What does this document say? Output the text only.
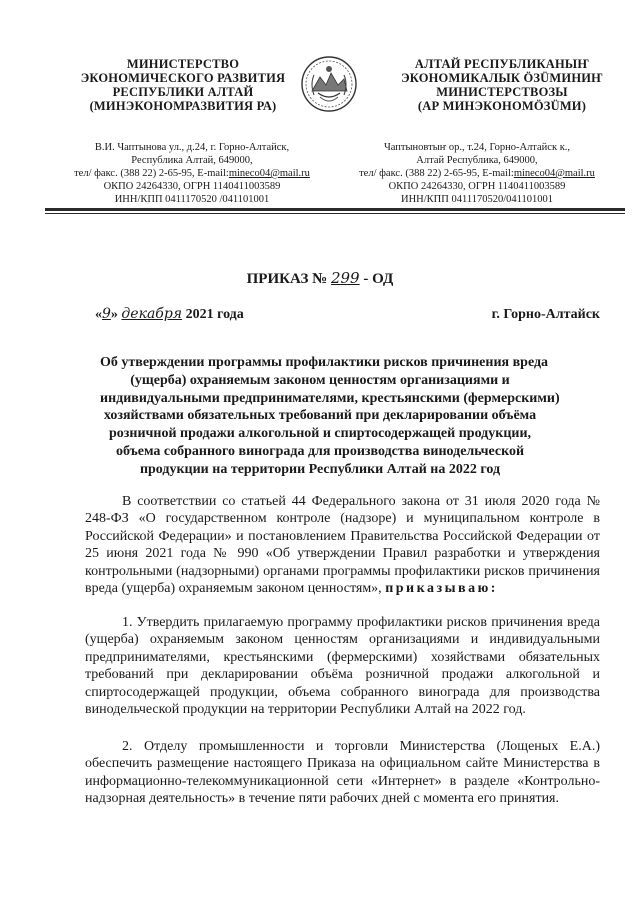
МИНИСТЕРСТВО
ЭКОНОМИЧЕСКОГО РАЗВИТИЯ
РЕСПУБЛИКИ АЛТАЙ
(МИНЭКОНОМРАЗВИТИЯ РА)
АЛТАЙ РЕСПУБЛИКАНЫҤ
ЭКОНОМИКАЛЫК ÖЗÜМИНИҤ
МИНИСТЕРСТВОЗЫ
(АР МИНЭКОНОМÖЗÜМИ)
В.И. Чаптынова ул., д.24, г. Горно-Алтайск,
Республика Алтай, 649000,
тел/ факс. (388 22) 2-65-95, E-mail:mineco04@mail.ru
ОКПО 24264330, ОГРН 1140411003589
ИНН/КПП 0411170520 /041101001
Чаптыновтыҥ ор., т.24, Горно-Алтайск к.,
Алтай Республика, 649000,
тел/ факс. (388 22) 2-65-95, E-mail:mineco04@mail.ru
ОКПО 24264330, ОГРН 1140411003589
ИНН/КПП 0411170520/041101001
ПРИКАЗ № 299 - ОД
«9» декабря 2021 года	г. Горно-Алтайск
Об утверждении программы профилактики рисков причинения вреда
(ущерба) охраняемым законом ценностям организациями и
индивидуальными предпринимателями, крестьянскими (фермерскими)
хозяйствами обязательных требований при декларировании объёма
розничной продажи алкогольной и спиртосодержащей продукции,
объема собранного винограда для производства винодельческой
продукции на территории Республики Алтай на 2022 год

В соответствии со статьей 44 Федерального закона от 31 июля 2020 года № 248-ФЗ «О государственном контроле (надзоре) и муниципальном контроле в Российской Федерации» и постановлением Правительства Российской Федерации от 25 июня 2021 года № 990 «Об утверждении Правил разработки и утверждения контрольными (надзорными) органами программы профилактики рисков причинения вреда (ущерба) охраняемым законом ценностям», приказываю:

1. Утвердить прилагаемую программу профилактики рисков причинения вреда (ущерба) охраняемым законом ценностям организациями и индивидуальными предпринимателями, крестьянскими (фермерскими) хозяйствами обязательных требований при декларировании объёма розничной продажи алкогольной и спиртосодержащей продукции, объема собранного винограда для производства винодельческой продукции на территории Республики Алтай на 2022 год.

2. Отделу промышленности и торговли Министерства (Лощеных Е.А.) обеспечить размещение настоящего Приказа на официальном сайте Министерства в информационно-телекоммуникационной сети «Интернет» в разделе «Контрольно-надзорная деятельность» в течение пяти рабочих дней с момента его принятия.
